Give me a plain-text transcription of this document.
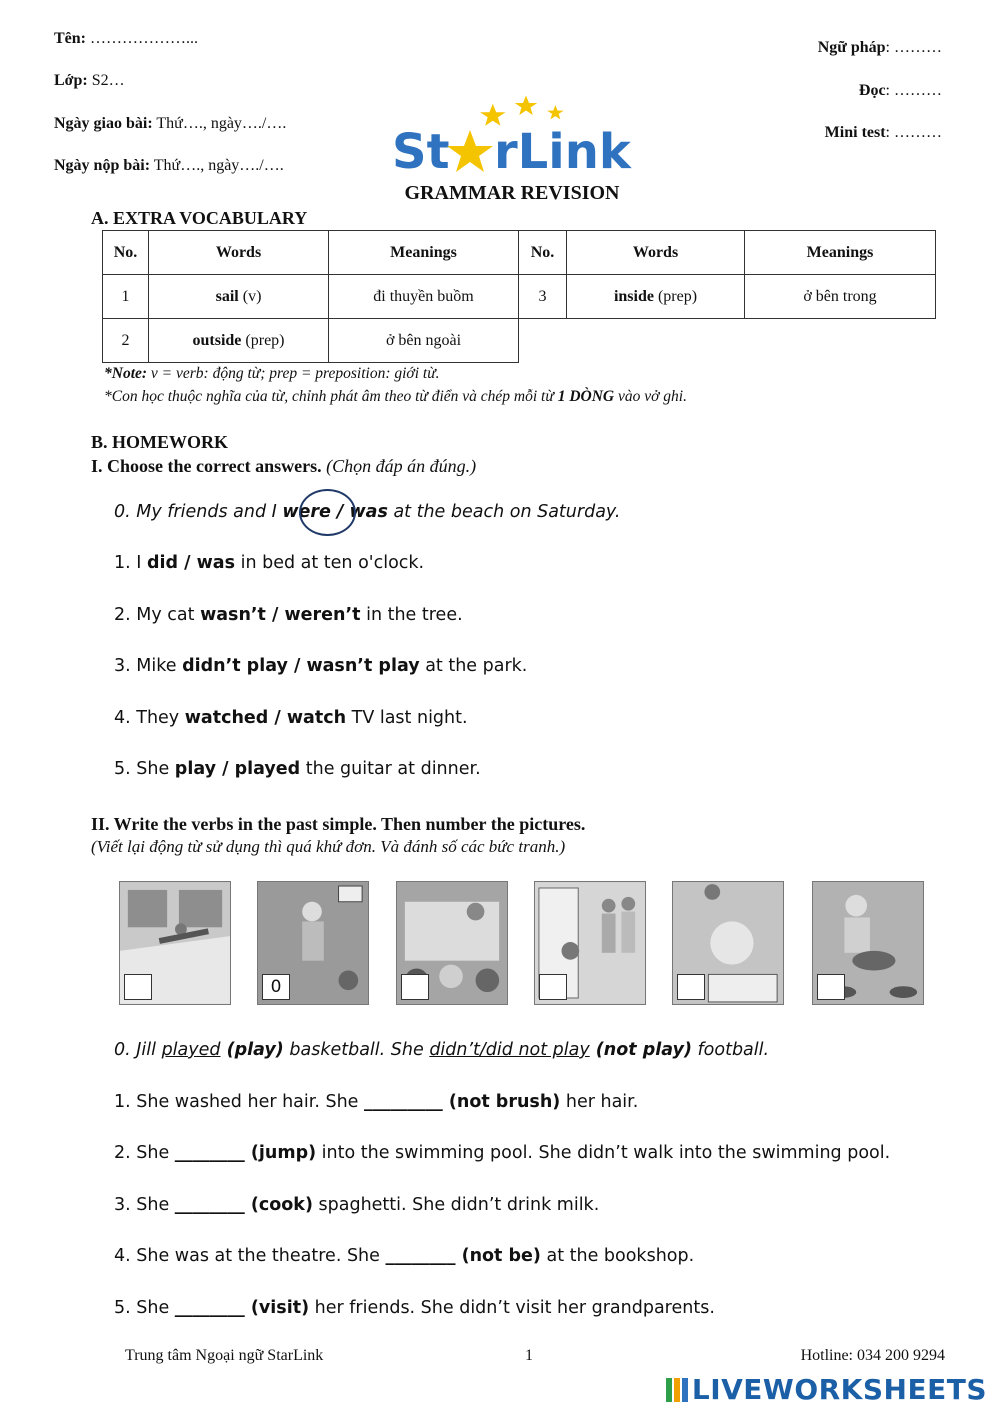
Tên: ………………...
Lớp: S2…
Ngày giao bài: Thứ…., ngày…./….
Ngày nộp bài: Thứ…., ngày…./….
Ngữ pháp: ………
Đọc: ………
Mini test: ………
St rLink
GRAMMAR REVISION
A. EXTRA VOCABULARY
No.	Words	Meanings	No.	Words	Meanings
1	sail (v)	đi thuyền buồm	3	inside (prep)	ở bên trong
2	outside (prep)	ở bên ngoài			
*Note: v = verb: động từ; prep = preposition: giới từ.
*Con học thuộc nghĩa của từ, chỉnh phát âm theo từ điển và chép mỗi từ 1 DÒNG vào vở ghi.
B. HOMEWORK
I. Choose the correct answers. (Chọn đáp án đúng.)
0. My friends and I were / was at the beach on Saturday.
1. I did / was in bed at ten o'clock.
2. My cat wasn’t / weren’t in the tree.
3. Mike didn’t play / wasn’t play at the park.
4. They watched / watch TV last night.
5. She play / played the guitar at dinner.
II. Write the verbs in the past simple. Then number the pictures.
(Viết lại động từ sử dụng thì quá khứ đơn. Và đánh số các bức tranh.)
0
0. Jill played (play) basketball. She didn’t/did not play (not play) football.
1. She washed her hair. She _________ (not brush) her hair.
2. She ________ (jump) into the swimming pool. She didn’t walk into the swimming pool.
3. She ________ (cook) spaghetti. She didn’t drink milk.
4. She was at the theatre. She ________ (not be) at the bookshop.
5. She ________ (visit) her friends. She didn’t visit her grandparents.
Trung tâm Ngoại ngữ StarLink	1	Hotline: 034 200 9294
LIVEWORKSHEETS
